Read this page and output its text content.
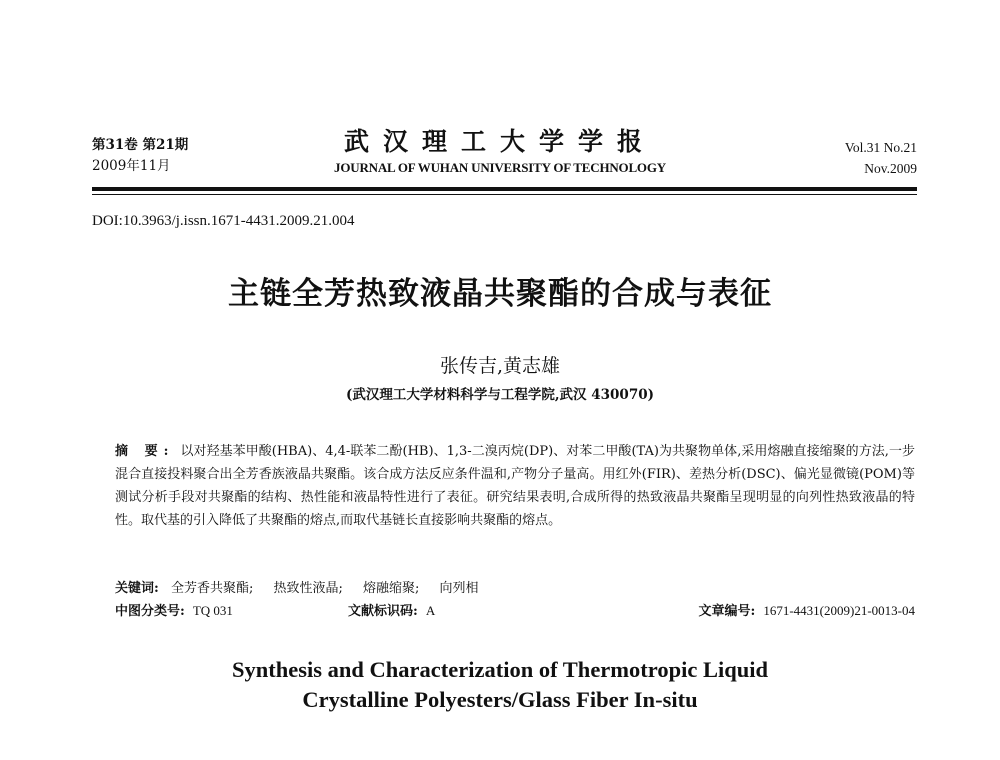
第31卷 第21期
2009年11月
武汉理工大学学报
JOURNAL OF WUHAN UNIVERSITY OF TECHNOLOGY
Vol.31 No.21
Nov.2009
DOI:10.3963/j.issn.1671-4431.2009.21.004
主链全芳热致液晶共聚酯的合成与表征
张传吉,黄志雄
(武汉理工大学材料科学与工程学院,武汉 430070)
摘 要: 以对羟基苯甲酸(HBA)、4,4-联苯二酚(HB)、1,3-二溴丙烷(DP)、对苯二甲酸(TA)为共聚物单体,采用熔融直接缩聚的方法,一步混合直接投料聚合出全芳香族液晶共聚酯。该合成方法反应条件温和,产物分子量高。用红外(FIR)、差热分析(DSC)、偏光显微镜(POM)等测试分析手段对共聚酯的结构、热性能和液晶特性进行了表征。研究结果表明,合成所得的热致液晶共聚酯呈现明显的向列性热致液晶的特性。取代基的引入降低了共聚酯的熔点,而取代基链长直接影响共聚酯的熔点。
关键词: 全芳香共聚酯; 热致性液晶; 熔融缩聚; 向列相
中图分类号: TQ 031	文献标识码: A	文章编号: 1671-4431(2009)21-0013-04
Synthesis and Characterization of Thermotropic Liquid
Crystalline Polyesters/Glass Fiber In-situ
